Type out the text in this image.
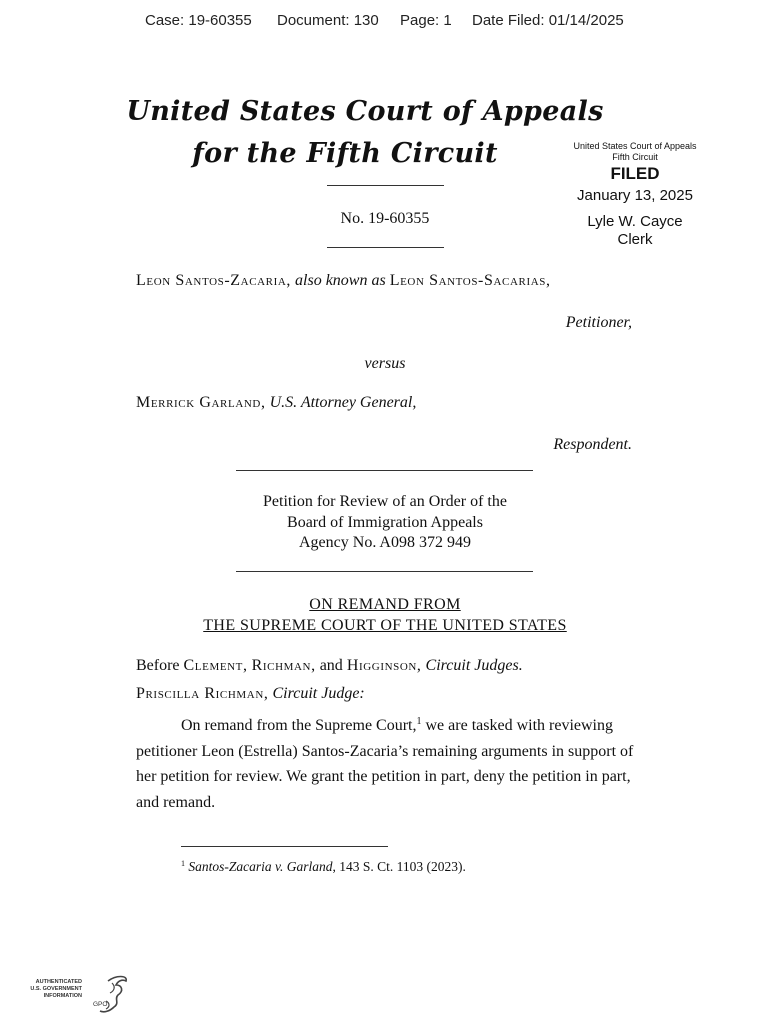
Case: 19-60355 Document: 130 Page: 1 Date Filed: 01/14/2025
United States Court of Appeals
for the Fifth Circuit	United States Court of Appeals
Fifth Circuit
FILED
January 13, 2025
Lyle W. Cayce
Clerk
No. 19-60355
Leon Santos-Zacaria, also known as Leon Santos-Sacarias,
Petitioner,
versus
Merrick Garland, U.S. Attorney General,
Respondent.
Petition for Review of an Order of the
Board of Immigration Appeals
Agency No. A098 372 949
ON REMAND FROM
THE SUPREME COURT OF THE UNITED STATES
Before Clement, Richman, and Higginson, Circuit Judges.
Priscilla Richman, Circuit Judge:
On remand from the Supreme Court,$^1$ we are tasked with reviewing petitioner Leon (Estrella) Santos-Zacaria’s remaining arguments in support of her petition for review. We grant the petition in part, deny the petition in part, and remand.
$^1$ Santos-Zacaria v. Garland, 143 S. Ct. 1103 (2023).
AUTHENTICATED
U.S. GOVERNMENT
INFORMATION
GPO
